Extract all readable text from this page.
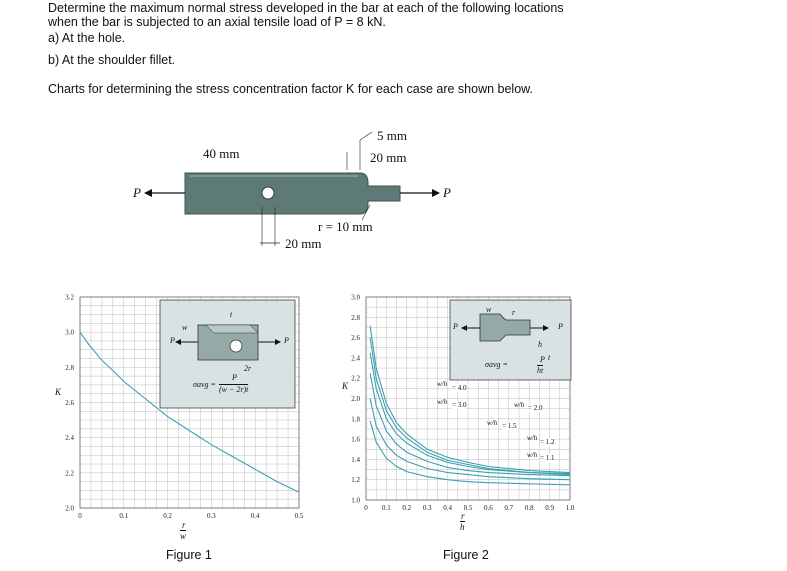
Determine the maximum normal stress developed in the bar at each of the following locations
when the bar is subjected to an axial tensile load of P = 8 kN.
a) At the hole.
b) At the shoulder fillet.
Charts for determining the stress concentration factor K for each case are shown below.
40 mm
5 mm
20 mm
r = 10 mm
20 mm
P	P
0	0.1	0.2	0.3	0.4	0.5
2.0
2.2
2.4
2.6
2.8
3.0
3.2
P	P
w
t
2r
σavg =
P
(w − 2r)t
K
r
w
Figure 1
0 0.1 0.2 0.3 0.4 0.5 0.6 0.7 0.8 0.9 1.0
1.0
1.2
1.4
1.6
1.8
2.0
2.2
2.4
2.6
2.8
3.0
P	P
w	r
h
t
σavg =
P
ht
K
r
h
w/h = 4.0
w/h = 3.0	w/h = 2.0
w/h = 1.5
w/h = 1.2
w/h = 1.1
Figure 2
